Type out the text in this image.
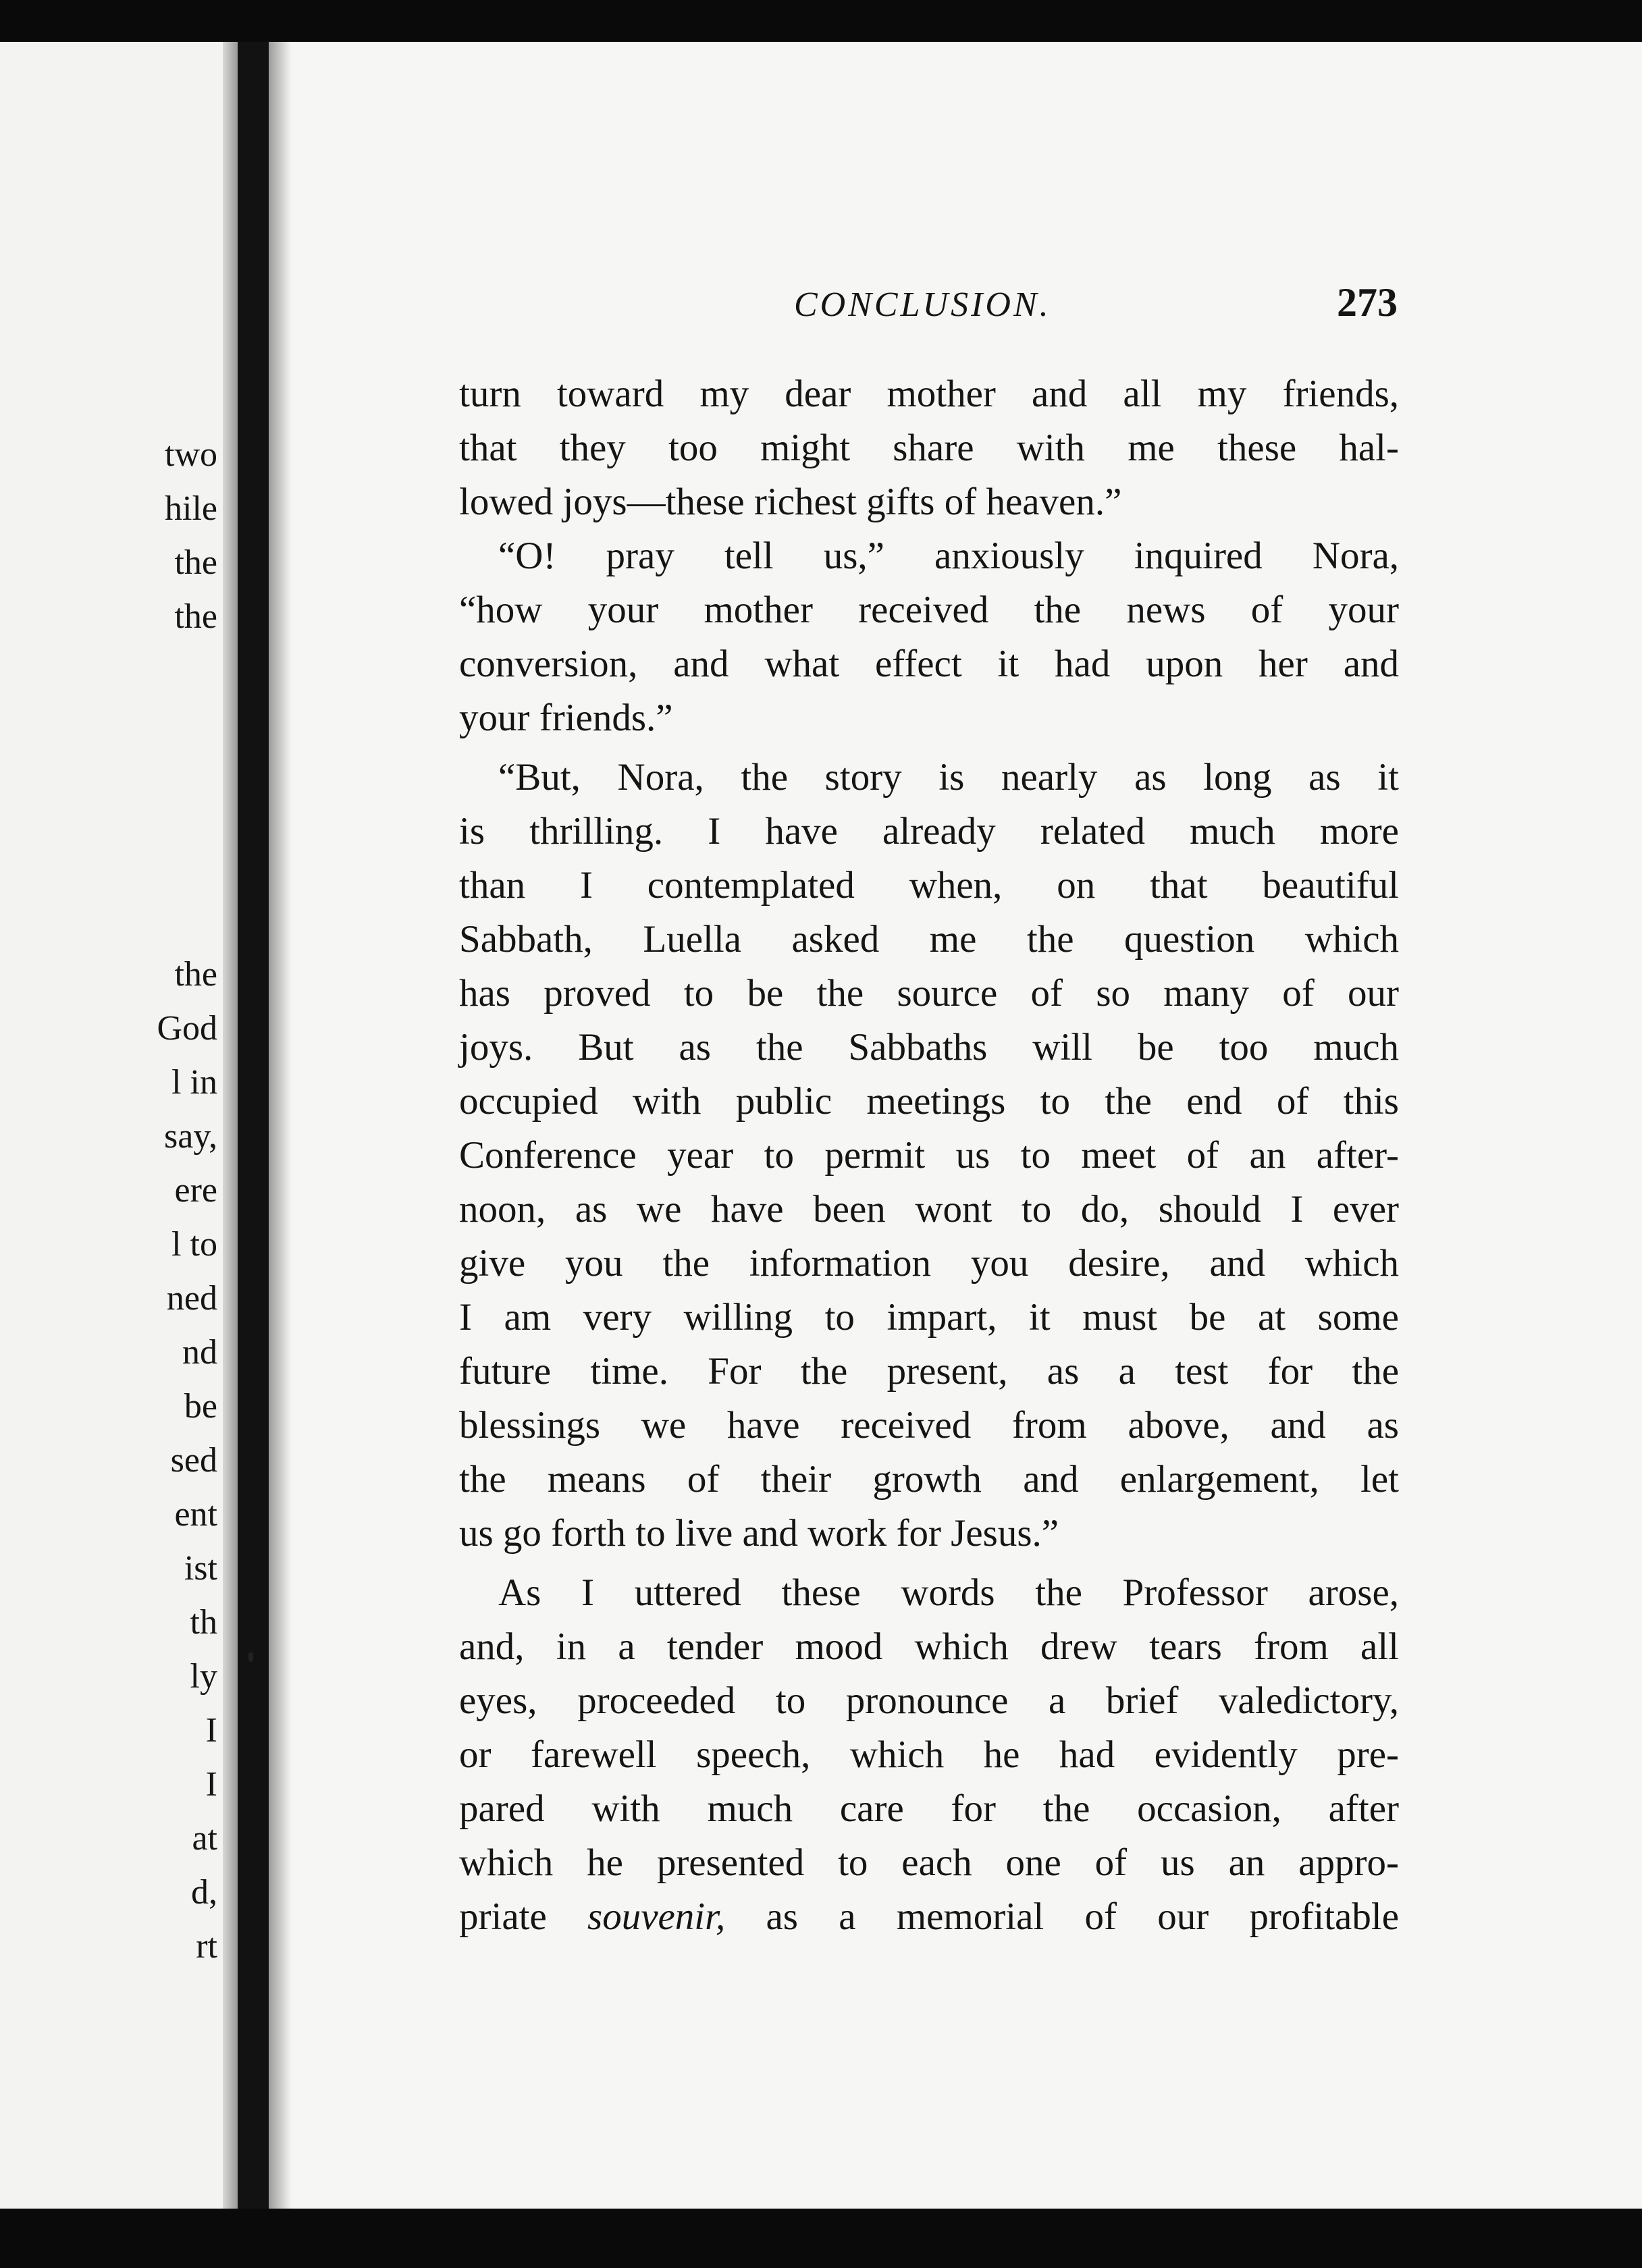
two
hile
the
the
the
God
l in
say,
ere
l to
ned
nd
be
sed
ent
ist
th
ly
I
I
at
d,
rt
CONCLUSION.	273
turn toward my dear mother and all my friends,
that they too might share with me these hal-
lowed joys—these richest gifts of heaven.”
“O! pray tell us,” anxiously inquired Nora,
“how your mother received the news of your
conversion, and what effect it had upon her and
your friends.”
“But, Nora, the story is nearly as long as it
is thrilling. I have already related much more
than I contemplated when, on that beautiful
Sabbath, Luella asked me the question which
has proved to be the source of so many of our
joys. But as the Sabbaths will be too much
occupied with public meetings to the end of this
Conference year to permit us to meet of an after-
noon, as we have been wont to do, should I ever
give you the information you desire, and which
I am very willing to impart, it must be at some
future time. For the present, as a test for the
blessings we have received from above, and as
the means of their growth and enlargement, let
us go forth to live and work for Jesus.”
As I uttered these words the Professor arose,
and, in a tender mood which drew tears from all
eyes, proceeded to pronounce a brief valedictory,
or farewell speech, which he had evidently pre-
pared with much care for the occasion, after
which he presented to each one of us an appro-
priate souvenir, as a memorial of our profitable
